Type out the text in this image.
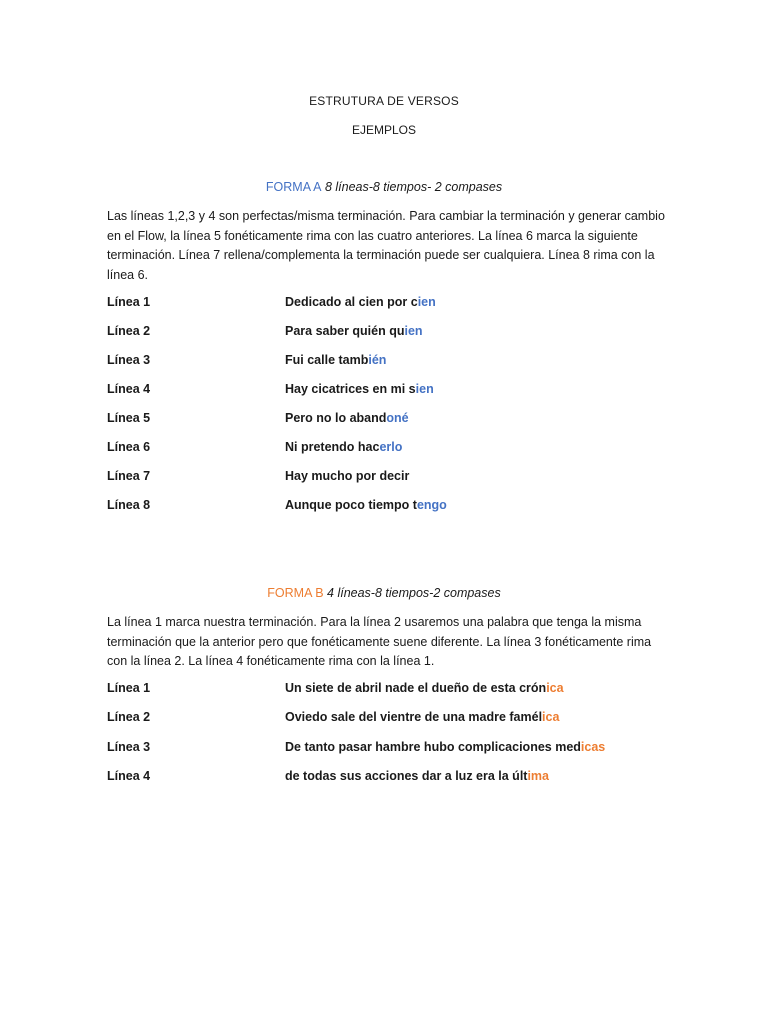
ESTRUTURA DE VERSOS
EJEMPLOS
FORMA A 8 líneas-8 tiempos- 2 compases
Las líneas 1,2,3 y 4 son perfectas/misma terminación. Para cambiar la terminación y generar cambio en el Flow, la línea 5 fonéticamente rima con las cuatro anteriores. La línea 6 marca la siguiente terminación. Línea 7 rellena/complementa la terminación puede ser cualquiera. Línea 8 rima con la línea 6.
Línea 1	Dedicado al cien por cien
Línea 2	Para saber quién quien
Línea 3	Fui calle también
Línea 4	Hay cicatrices en mi sien
Línea 5	Pero no lo abandoné
Línea 6	Ni pretendo hacerlo
Línea 7	Hay mucho por decir
Línea 8	Aunque poco tiempo tengo
FORMA B 4 líneas-8 tiempos-2 compases
La línea 1 marca nuestra terminación. Para la línea 2 usaremos una palabra que tenga la misma terminación que la anterior pero que fonéticamente suene diferente. La línea 3 fonéticamente rima con la línea 2. La línea 4 fonéticamente rima con la línea 1.
Línea 1	Un siete de abril nade el dueño de esta crónica
Línea 2	Oviedo sale del vientre de una madre famélica
Línea 3	De tanto pasar hambre hubo complicaciones medicas
Línea 4	de todas sus acciones dar a luz era la última
